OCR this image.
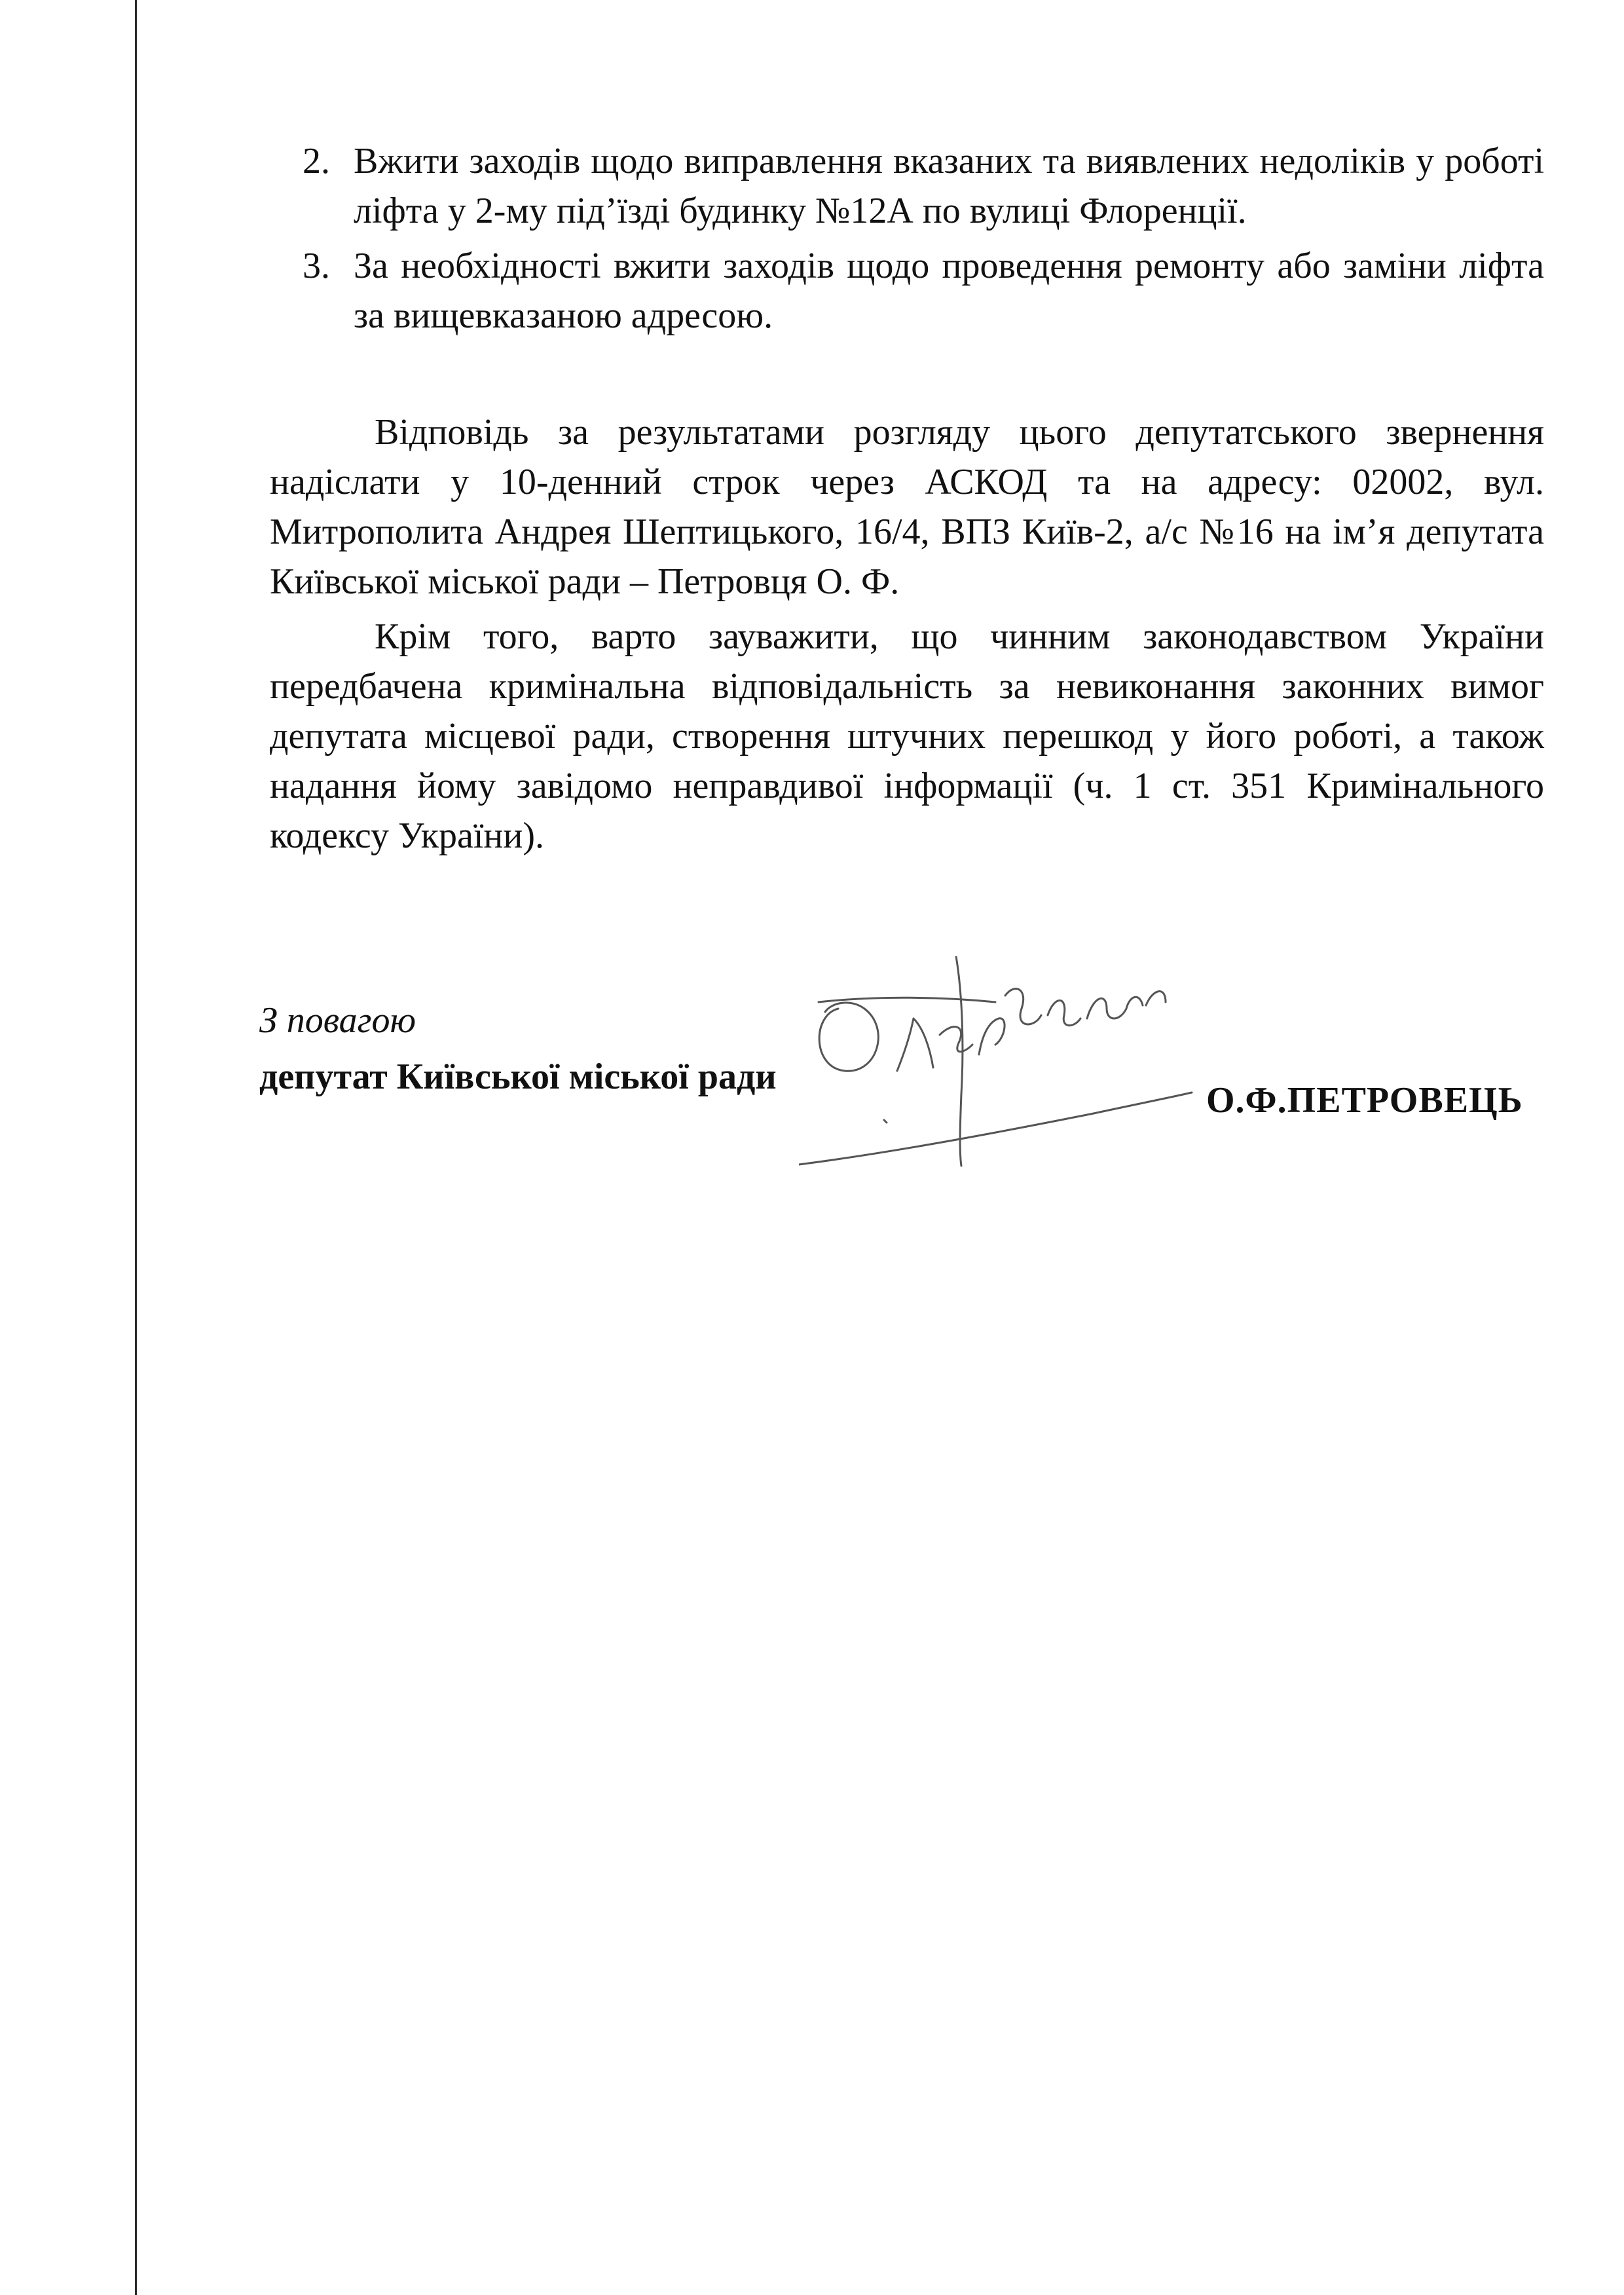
2. Вжити заходів щодо виправлення вказаних та виявлених недоліків у роботі ліфта у 2-му під’їзді будинку №12А по вулиці Флоренції.
3. За необхідності вжити заходів щодо проведення ремонту або заміни ліфта за вищевказаною адресою.

Відповідь за результатами розгляду цього депутатського звернення надіслати у 10-денний строк через АСКОД та на адресу: 02002, вул. Митрополита Андрея Шептицького, 16/4, ВПЗ Київ-2, а/с №16 на ім’я депутата Київської міської ради – Петровця О. Ф.

Крім того, варто зауважити, що чинним законодавством України передбачена кримінальна відповідальність за невиконання законних вимог депутата місцевої ради, створення штучних перешкод у його роботі, а також надання йому завідомо неправдивої інформації (ч. 1 ст. 351 Кримінального кодексу України).

З повагою
депутат Київської міської ради
О.Ф.ПЕТРОВЕЦЬ
